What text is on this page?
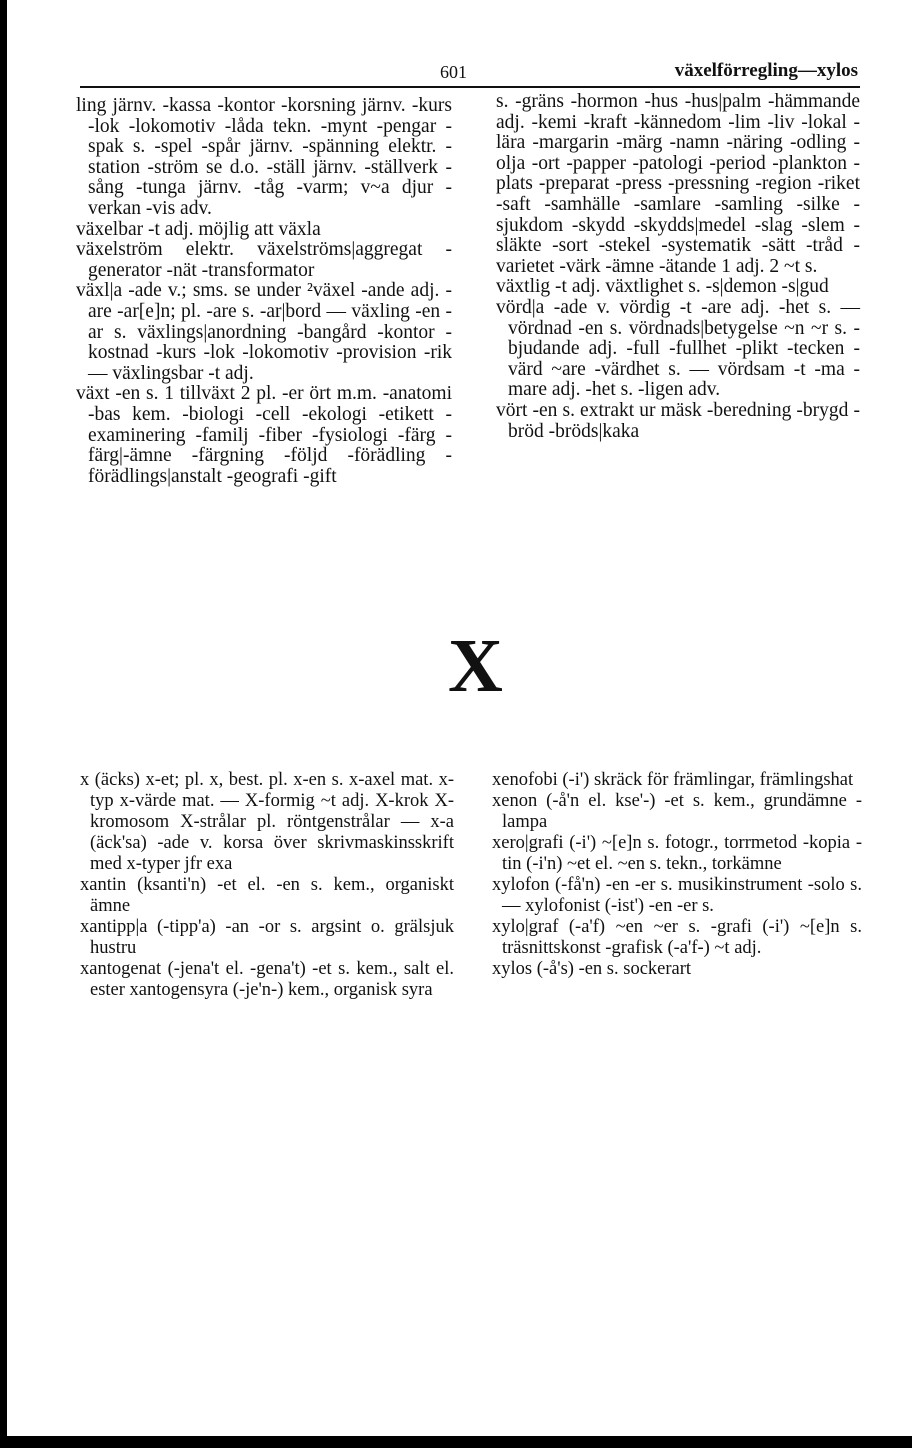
601	växelförregling—xylos

ling järnv. -kassa -kontor -korsning järnv. -kurs -lok -lokomotiv -låda tekn. -mynt -pengar -spak s. -spel -spår järnv. -spänning elektr. -station -ström se d.o. -ställ järnv. -ställverk -sång -tunga järnv. -tåg -varm; v~a djur -verkan -vis adv.

växelbar -t adj. möjlig att växla

växelström elektr. växelströms|aggregat -generator -nät -transformator

växl|a -ade v.; sms. se under ²växel -ande adj. -are -ar[e]n; pl. -are s. -ar|bord — växling -en -ar s. växlings|anordning -bangård -kontor -kostnad -kurs -lok -lokomotiv -provision -rik — växlingsbar -t adj.

växt -en s. 1 tillväxt 2 pl. -er ört m.m. -anatomi -bas kem. -biologi -cell -ekologi -etikett -examinering -familj -fiber -fysiologi -färg -färg|-ämne -färgning -följd -förädling -förädlings|anstalt -geografi -gift

s. -gräns -hormon -hus -hus|palm -hämmande adj. -kemi -kraft -kännedom -lim -liv -lokal -lära -margarin -märg -namn -näring -odling -olja -ort -papper -patologi -period -plankton -plats -preparat -press -pressning -region -riket -saft -samhälle -samlare -samling -silke -sjukdom -skydd -skydds|medel -slag -slem -släkte -sort -stekel -systematik -sätt -tråd -varietet -värk -ämne -ätande 1 adj. 2 ~t s.

växtlig -t adj. växtlighet s. -s|demon -s|gud

vörd|a -ade v. vördig -t -are adj. -het s. — vördnad -en s. vördnads|betygelse ~n ~r s. -bjudande adj. -full -fullhet -plikt -tecken -värd ~are -värdhet s. — vördsam -t -ma -mare adj. -het s. -ligen adv.

vört -en s. extrakt ur mäsk -beredning -brygd -bröd -bröds|kaka

X

x (äcks) x-et; pl. x, best. pl. x-en s. x-axel mat. x-typ x-värde mat. — X-formig ~t adj. X-krok X-kromosom X-strålar pl. röntgenstrålar — x-a (äck'sa) -ade v. korsa över skrivmaskinsskrift med x-typer jfr exa

xantin (ksanti'n) -et el. -en s. kem., organiskt ämne

xantipp|a (-tipp'a) -an -or s. argsint o. grälsjuk hustru

xantogenat (-jena't el. -gena't) -et s. kem., salt el. ester xantogensyra (-je'n-) kem., organisk syra

xenofobi (-i') skräck för främlingar, främlingshat

xenon (-å'n el. kse'-) -et s. kem., grundämne -lampa

xero|grafi (-i') ~[e]n s. fotogr., torrmetod -kopia -tin (-i'n) ~et el. ~en s. tekn., torkämne

xylofon (-få'n) -en -er s. musikinstrument -solo s. — xylofonist (-ist') -en -er s.

xylo|graf (-a'f) ~en ~er s. -grafi (-i') ~[e]n s. träsnittskonst -grafisk (-a'f-) ~t adj.

xylos (-å's) -en s. sockerart
